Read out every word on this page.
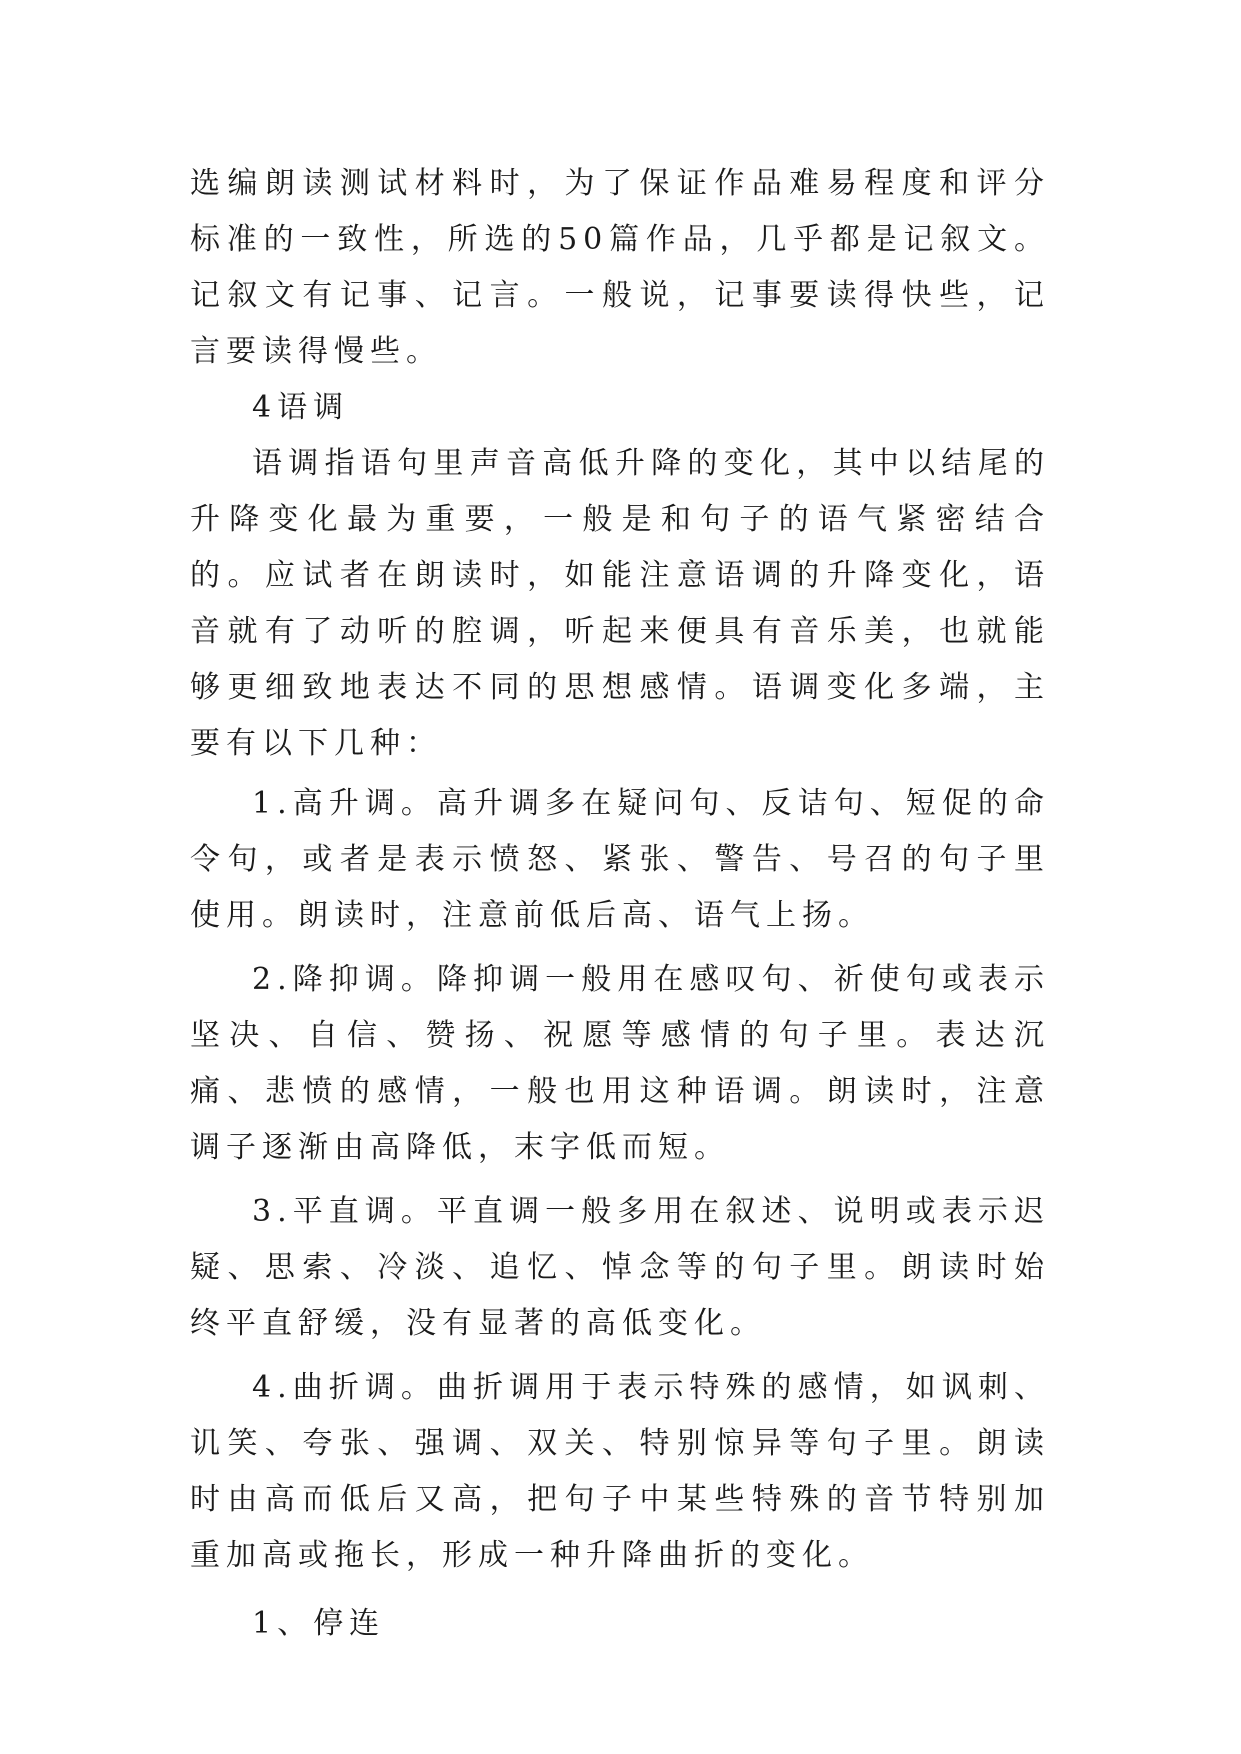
选编朗读测试材料时，为了保证作品难易程度和评分标准的一致性，所选的50篇作品，几乎都是记叙文。记叙文有记事、记言。一般说，记事要读得快些，记言要读得慢些。

4语调

语调指语句里声音高低升降的变化，其中以结尾的升降变化最为重要，一般是和句子的语气紧密结合的。应试者在朗读时，如能注意语调的升降变化，语音就有了动听的腔调，听起来便具有音乐美，也就能够更细致地表达不同的思想感情。语调变化多端，主要有以下几种：

1.高升调。高升调多在疑问句、反诘句、短促的命令句，或者是表示愤怒、紧张、警告、号召的句子里使用。朗读时，注意前低后高、语气上扬。

2.降抑调。降抑调一般用在感叹句、祈使句或表示坚决、自信、赞扬、祝愿等感情的句子里。表达沉痛、悲愤的感情，一般也用这种语调。朗读时，注意调子逐渐由高降低，末字低而短。

3.平直调。平直调一般多用在叙述、说明或表示迟疑、思索、冷淡、追忆、悼念等的句子里。朗读时始终平直舒缓，没有显著的高低变化。

4.曲折调。曲折调用于表示特殊的感情，如讽刺、讥笑、夸张、强调、双关、特别惊异等句子里。朗读时由高而低后又高，把句子中某些特殊的音节特别加重加高或拖长，形成一种升降曲折的变化。

1、停连
